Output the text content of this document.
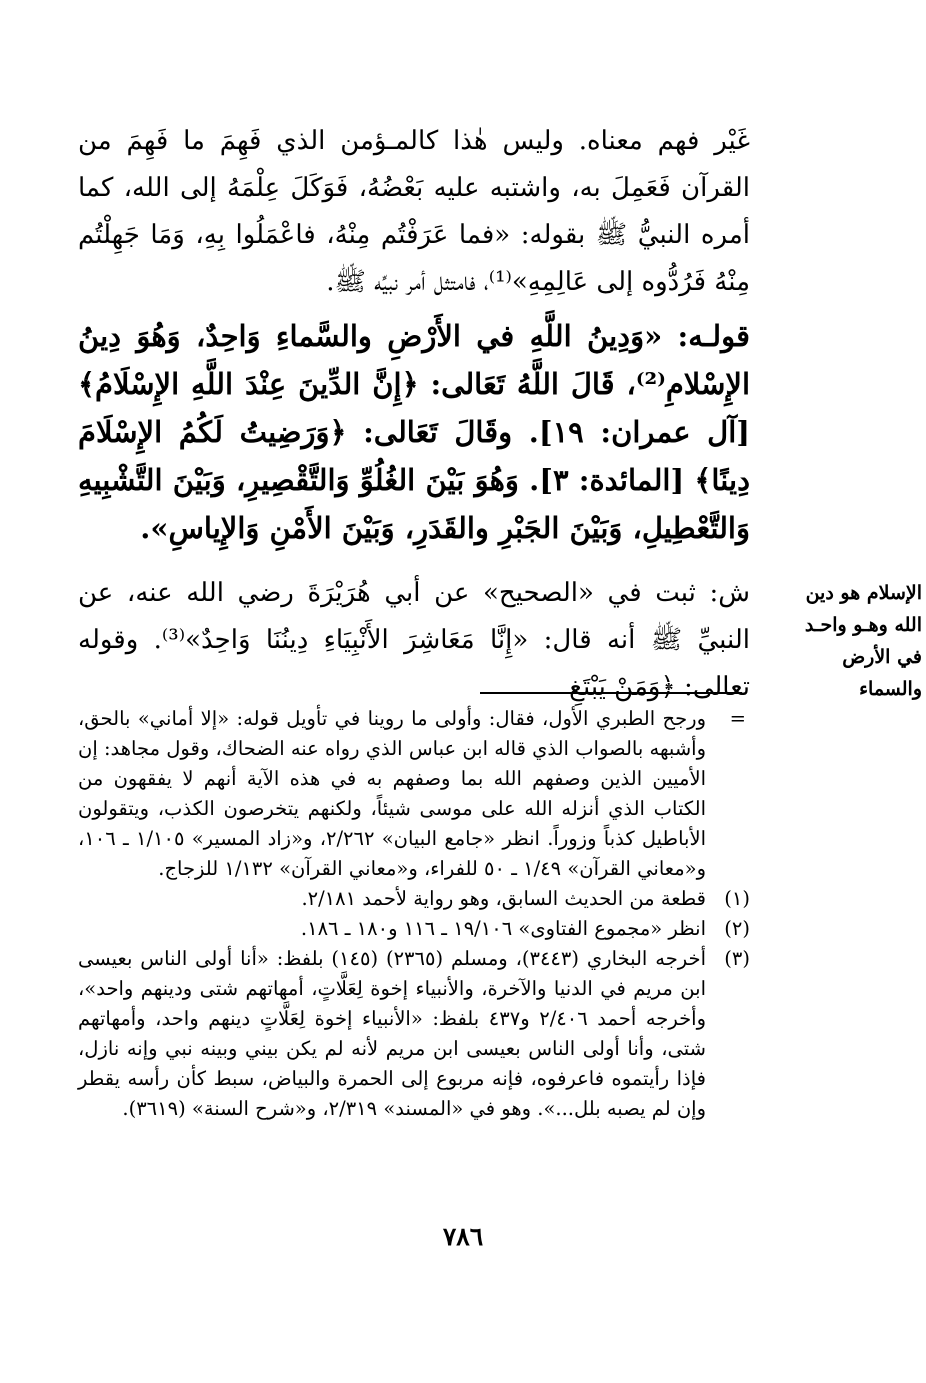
غَيْر فهم معناه. وليس هٰذا كالمـؤمن الذي فَهِمَ ما فَهِمَ من القرآن فَعَمِلَ به، واشتبه عليه بَعْضُهُ، فَوَكَلَ عِلْمَهُ إلى الله، كما أمره النبيُّ ﷺ بقوله: «فما عَرَفْتُم مِنْهُ، فاعْمَلُوا بِهِ، وَمَا جَهِلْتُم مِنْهُ فَرُدُّوه إلى عَالِمِهِ»⁽¹⁾، فامتثل أمر نبيِّه ﷺ.

قولـه: «وَدِينُ اللَّهِ في الأَرْضِ والسَّماءِ وَاحِدٌ، وَهُوَ دِينُ الإِسْلامِ⁽²⁾، قَالَ اللَّهُ تَعَالى: ﴿إِنَّ الدِّينَ عِنْدَ اللَّهِ الإِسْلَامُ﴾ [آل عمران: ١٩]. وقَالَ تَعَالى: ﴿وَرَضِيتُ لَكُمُ الإِسْلَامَ دِينًا﴾ [المائدة: ٣]. وَهُوَ بَيْنَ الغُلُوِّ وَالتَّقْصِيرِ، وَبَيْنَ التَّشْبِيهِ وَالتَّعْطِيلِ، وَبَيْنَ الجَبْرِ والقَدَرِ، وَبَيْنَ الأَمْنِ وَالإِياسِ».

ش: ثبت في «الصحيح» عن أبي هُرَيْرَةَ رضي الله عنه، عن النبيِّ ﷺ أنه قال: «إِنَّا مَعَاشِرَ الأَنْبِيَاءِ دِينُنَا وَاحِدٌ»⁽³⁾. وقوله تعالى: ﴿وَمَنْ يَبْتَغِ

الإسلام هو دين الله وهـو واحـد في الأرض والسماء
=
ورجح الطبري الأول، فقال: وأولى ما روينا في تأويل قوله: «إلا أماني» بالحق، وأشبهه بالصواب الذي قاله ابن عباس الذي رواه عنه الضحاك، وقول مجاهد: إن الأميين الذين وصفهم الله بما وصفهم به في هذه الآية أنهم لا يفقهون من الكتاب الذي أنزله الله على موسى شيئاً، ولكنهم يتخرصون الكذب، ويتقولون الأباطيل كذباً وزوراً. انظر «جامع البيان» ٢/٢٦٢، و«زاد المسير» ١/١٠٥ ـ ١٠٦، و«معاني القرآن» ١/٤٩ ـ ٥٠ للفراء، و«معاني القرآن» ١/١٣٢ للزجاج.
(١)
قطعة من الحديث السابق، وهو رواية لأحمد ٢/١٨١.
(٢)
انظر «مجموع الفتاوى» ١٩/١٠٦ ـ ١١٦ و١٨٠ ـ ١٨٦.
(٣)
أخرجه البخاري (٣٤٤٣)، ومسلم (٢٣٦٥) (١٤٥) بلفظ: «أنا أولى الناس بعيسى ابن مريم في الدنيا والآخرة، والأنبياء إخوة لِعَلَّاتٍ، أمهاتهم شتى ودينهم واحد»، وأخرجه أحمد ٢/٤٠٦ و٤٣٧ بلفظ: «الأنبياء إخوة لِعَلَّاتٍ دينهم واحد، وأمهاتهم شتى، وأنا أولى الناس بعيسى ابن مريم لأنه لم يكن بيني وبينه نبي وإنه نازل، فإذا رأيتموه فاعرفوه، فإنه مربوع إلى الحمرة والبياض، سبط كأن رأسه يقطر وإن لم يصبه بلل...». وهو في «المسند» ٢/٣١٩، و«شرح السنة» (٣٦١٩).
٧٨٦
